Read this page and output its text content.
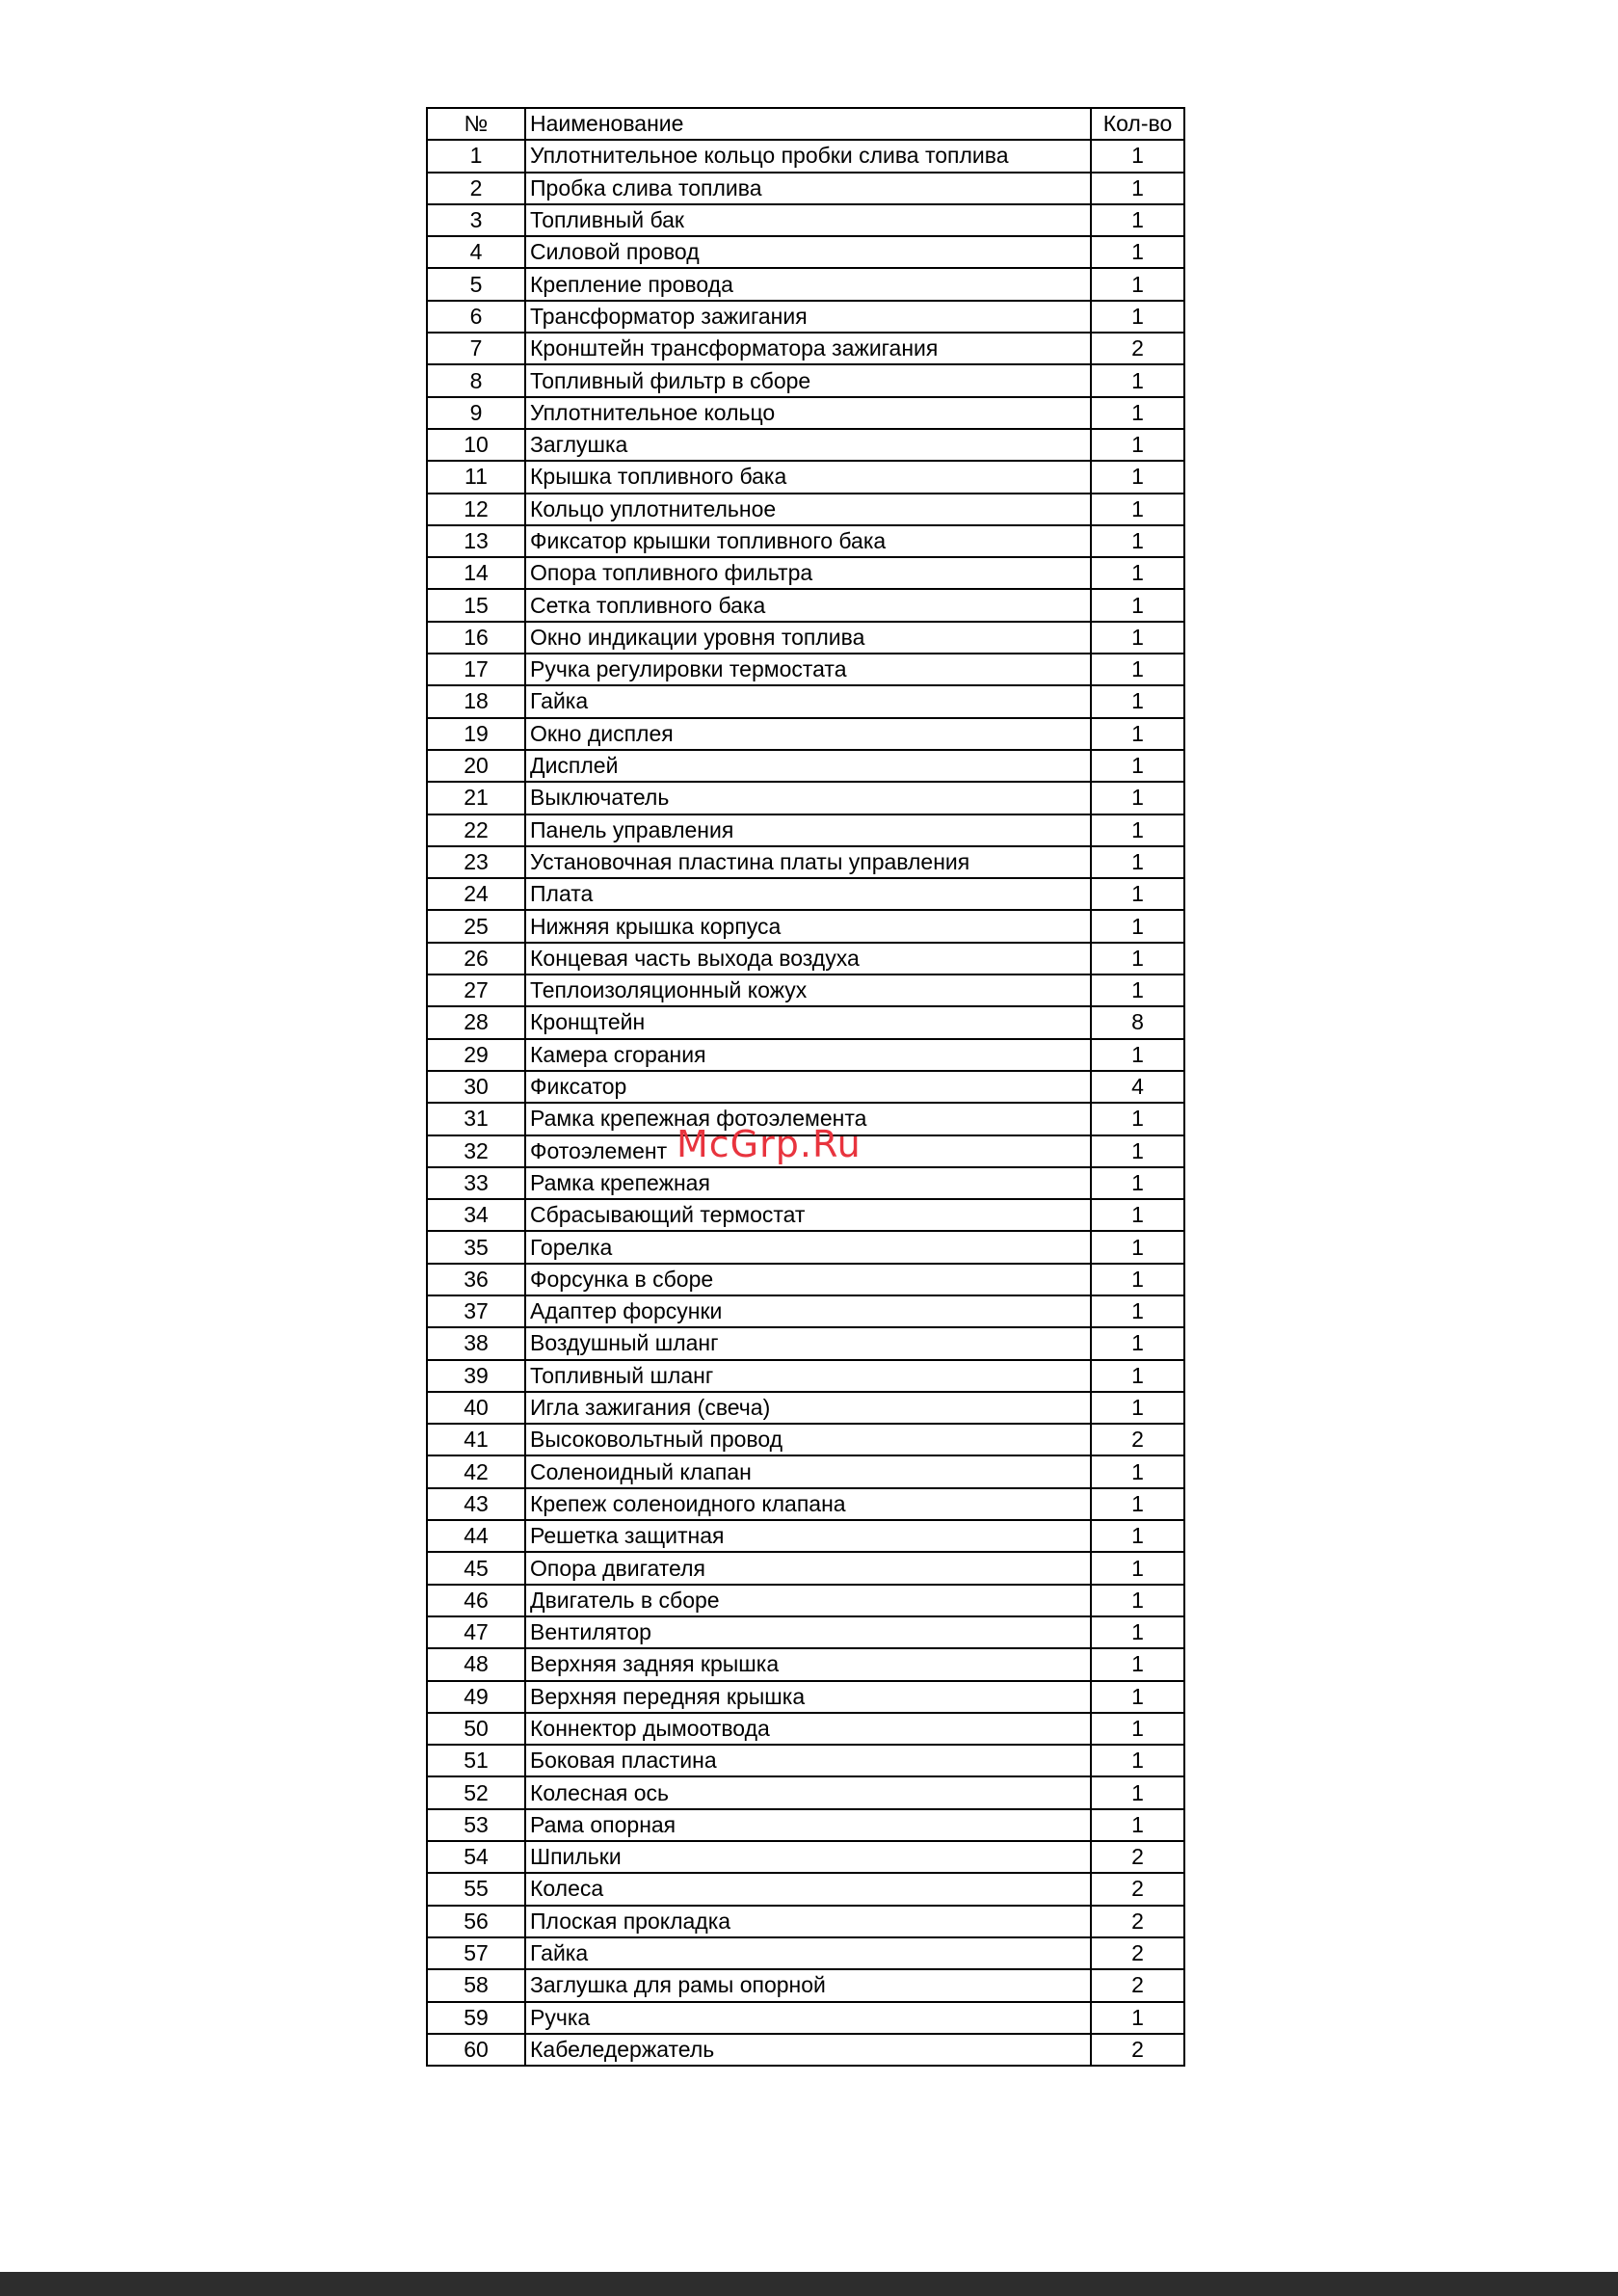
№	Наименование	Кол-во
1	Уплотнительное кольцо пробки слива топлива	1
2	Пробка слива топлива	1
3	Топливный бак	1
4	Силовой провод	1
5	Крепление провода	1
6	Трансформатор зажигания	1
7	Кронштейн трансформатора зажигания	2
8	Топливный фильтр в сборе	1
9	Уплотнительное кольцо	1
10	Заглушка	1
11	Крышка топливного бака	1
12	Кольцо уплотнительное	1
13	Фиксатор крышки топливного бака	1
14	Опора топливного фильтра	1
15	Сетка топливного бака	1
16	Окно индикации уровня топлива	1
17	Ручка регулировки термостата	1
18	Гайка	1
19	Окно дисплея	1
20	Дисплей	1
21	Выключатель	1
22	Панель управления	1
23	Установочная пластина платы управления	1
24	Плата	1
25	Нижняя крышка корпуса	1
26	Концевая часть выхода воздуха	1
27	Теплоизоляционный кожух	1
28	Кронщтейн	8
29	Камера сгорания	1
30	Фиксатор	4
31	Рамка крепежная фотоэлемента	1
32	Фотоэлемент	1
33	Рамка крепежная	1
34	Сбрасывающий термостат	1
35	Горелка	1
36	Форсунка в сборе	1
37	Адаптер форсунки	1
38	Воздушный шланг	1
39	Топливный шланг	1
40	Игла зажигания (свеча)	1
41	Высоковольтный провод	2
42	Соленоидный клапан	1
43	Крепеж соленоидного клапана	1
44	Решетка защитная	1
45	Опора двигателя	1
46	Двигатель в сборе	1
47	Вентилятор	1
48	Верхняя задняя крышка	1
49	Верхняя передняя крышка	1
50	Коннектор дымоотвода	1
51	Боковая пластина	1
52	Колесная ось	1
53	Рама опорная	1
54	Шпильки	2
55	Колеса	2
56	Плоская прокладка	2
57	Гайка	2
58	Заглушка для рамы опорной	2
59	Ручка	1
60	Кабеледержатель	2
McGrp.Ru
